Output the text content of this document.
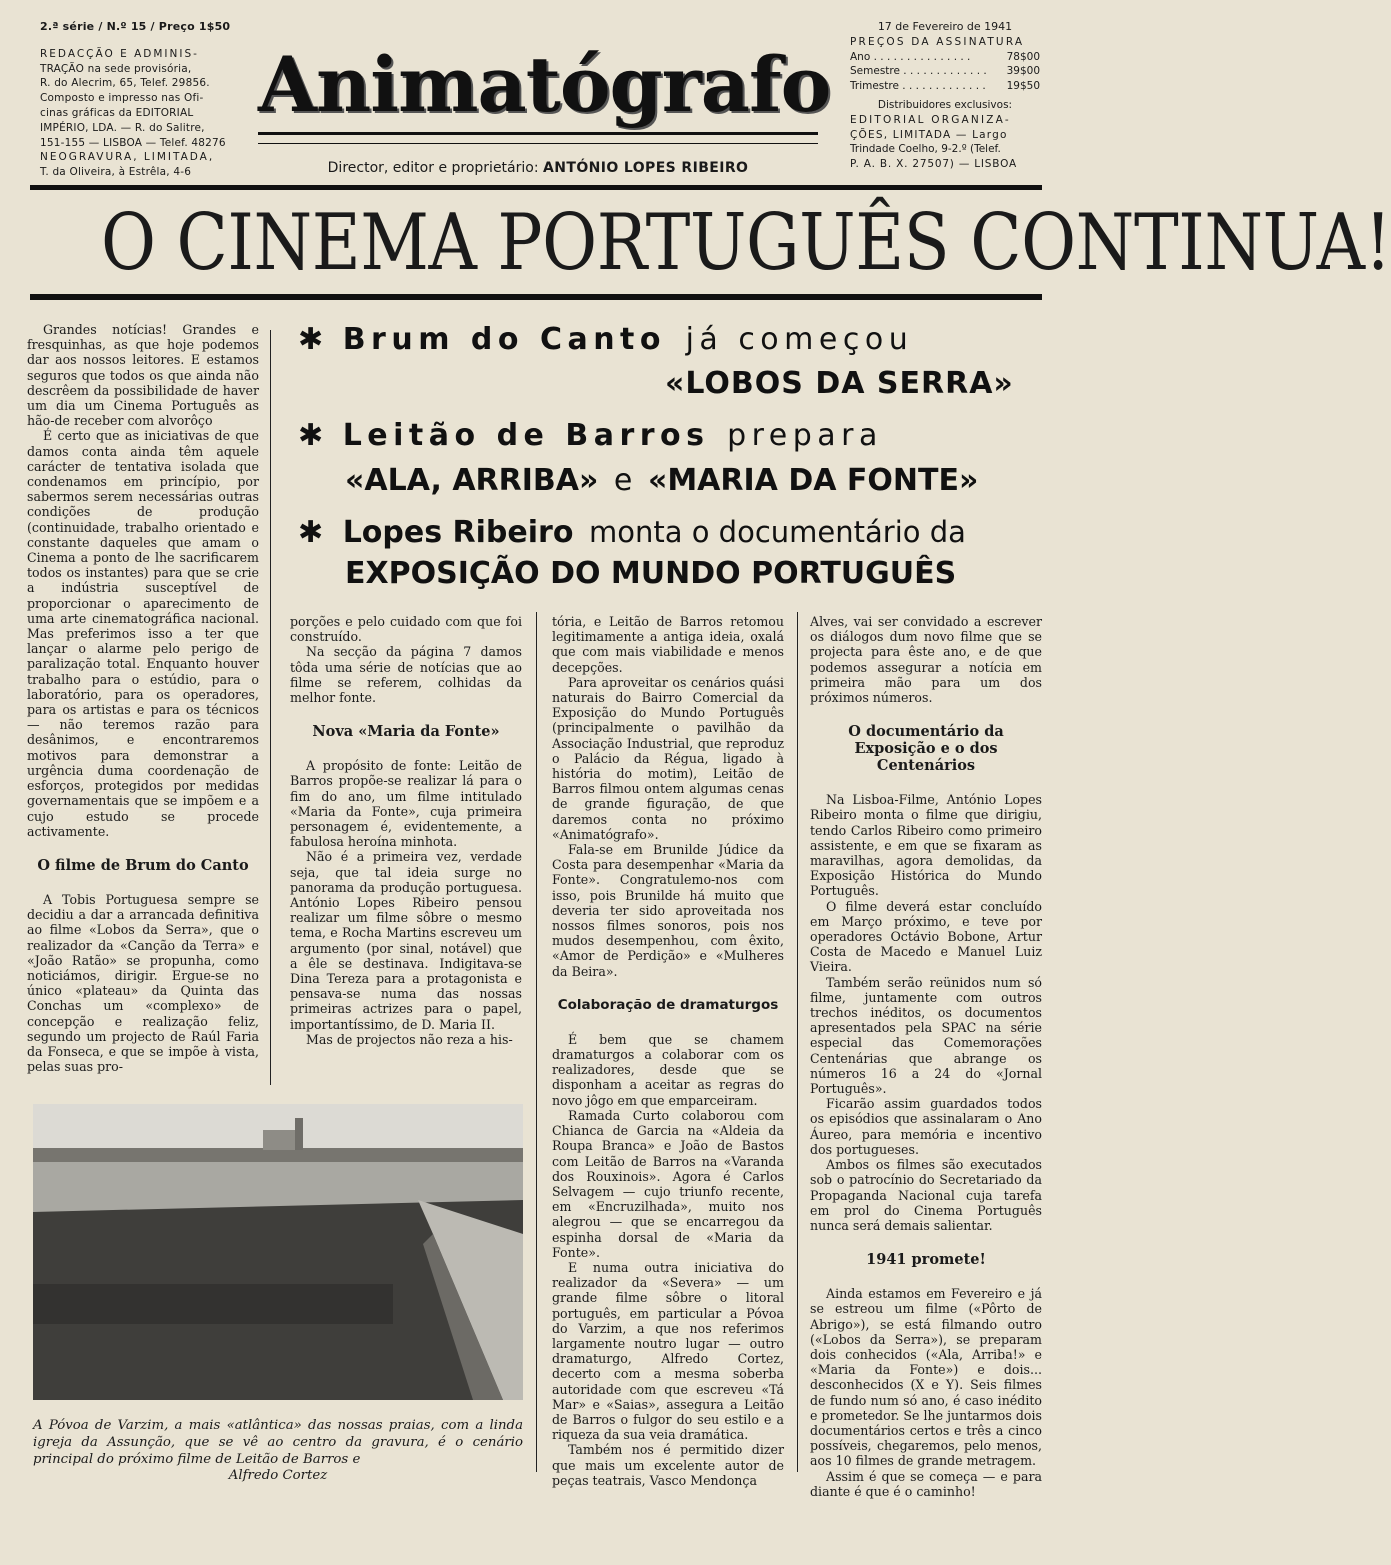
2.ª série / N.º 15 / Preço 1$50
REDACÇÃO E ADMINIS-
TRAÇÃO na sede provisória,
R. do Alecrim, 65, Telef. 29856.
Composto e impresso nas Ofi-
cinas gráficas da EDITORIAL
IMPÉRIO, LDA. — R. do Salitre,
151-155 — LISBOA — Telef. 48276
NEOGRAVURA, LIMITADA,
T. da Oliveira, à Estrêla, 4-6
Animatógrafo
Director, editor e proprietário: ANTÓNIO LOPES RIBEIRO
17 de Fevereiro de 1941
PREÇOS DA ASSINATURA
Ano . . . . . . . . . . . . . . .	78$00
Semestre . . . . . . . . . . . . .	39$00
Trimestre . . . . . . . . . . . . .	19$50
Distribuidores exclusivos:
EDITORIAL ORGANIZA-
ÇÕES, LIMITADA — Largo
Trindade Coelho, 9-2.º (Telef.
P. A. B. X. 27507) — LISBOA
O CINEMA PORTUGUÊS CONTINUA!
✱ Brum do Canto já começou
«LOBOS DA SERRA»
✱ Leitão de Barros prepara
«ALA, ARRIBA» e «MARIA DA FONTE»
✱ Lopes Ribeiro monta o documentário da
EXPOSIÇÃO DO MUNDO PORTUGUÊS

Grandes notícias! Grandes e fresquinhas, as que hoje podemos dar aos nossos leitores. E estamos seguros que todos os que ainda não descrêem da possibilidade de haver um dia um Cinema Português as hão-de receber com alvorôço

É certo que as iniciativas de que damos conta ainda têm aquele carácter de tentativa isolada que condenamos em princípio, por sabermos serem necessárias outras condições de produção (continuidade, trabalho orientado e constante daqueles que amam o Cinema a ponto de lhe sacrificarem todos os instantes) para que se crie a indústria susceptível de proporcionar o aparecimento de uma arte cinematográfica nacional. Mas preferimos isso a ter que lançar o alarme pelo perigo de paralização total. Enquanto houver trabalho para o estúdio, para o laboratório, para os operadores, para os artistas e para os técnicos — não teremos razão para desânimos, e encontraremos motivos para demonstrar a urgência duma coordenação de esforços, protegidos por medidas governamentais que se impõem e a cujo estudo se procede activamente.

O filme de Brum do Canto

A Tobis Portuguesa sempre se decidiu a dar a arrancada definitiva ao filme «Lobos da Serra», que o realizador da «Canção da Terra» e «João Ratão» se propunha, como noticiámos, dirigir. Ergue-se no único «plateau» da Quinta das Conchas um «complexo» de concepção e realização feliz, segundo um projecto de Raúl Faria da Fonseca, e que se impõe à vista, pelas suas pro-

porções e pelo cuidado com que foi construído.

Na secção da página 7 damos tôda uma série de notícias que ao filme se referem, colhidas da melhor fonte.

Nova «Maria da Fonte»

A propósito de fonte: Leitão de Barros propõe-se realizar lá para o fim do ano, um filme intitulado «Maria da Fonte», cuja primeira personagem é, evidentemente, a fabulosa heroína minhota.

Não é a primeira vez, verdade seja, que tal ideia surge no panorama da produção portuguesa. António Lopes Ribeiro pensou realizar um filme sôbre o mesmo tema, e Rocha Martins escreveu um argumento (por sinal, notável) que a êle se destinava. Indigitava-se Dina Tereza para a protagonista e pensava-se numa das nossas primeiras actrizes para o papel, importantíssimo, de D. Maria II.

Mas de projectos não reza a his-

tória, e Leitão de Barros retomou legitimamente a antiga ideia, oxalá que com mais viabilidade e menos decepções.

Para aproveitar os cenários quási naturais do Bairro Comercial da Exposição do Mundo Português (principalmente o pavilhão da Associação Industrial, que reproduz o Palácio da Régua, ligado à história do motim), Leitão de Barros filmou ontem algumas cenas de grande figuração, de que daremos conta no próximo «Animatógrafo».

Fala-se em Brunilde Júdice da Costa para desempenhar «Maria da Fonte». Congratulemo-nos com isso, pois Brunilde há muito que deveria ter sido aproveitada nos nossos filmes sonoros, pois nos mudos desempenhou, com êxito, «Amor de Perdição» e «Mulheres da Beira».

Colaboração de dramaturgos

É bem que se chamem dramaturgos a colaborar com os realizadores, desde que se disponham a aceitar as regras do novo jôgo em que emparceiram.

Ramada Curto colaborou com Chianca de Garcia na «Aldeia da Roupa Branca» e João de Bastos com Leitão de Barros na «Varanda dos Rouxinois». Agora é Carlos Selvagem — cujo triunfo recente, em «Encruzilhada», muito nos alegrou — que se encarregou da espinha dorsal de «Maria da Fonte».

E numa outra iniciativa do realizador da «Severa» — um grande filme sôbre o litoral português, em particular a Póvoa do Varzim, a que nos referimos largamente noutro lugar — outro dramaturgo, Alfredo Cortez, decerto com a mesma soberba autoridade com que escreveu «Tá Mar» e «Saias», assegura a Leitão de Barros o fulgor do seu estilo e a riqueza da sua veia dramática.

Também nos é permitido dizer que mais um excelente autor de peças teatrais, Vasco Mendonça

Alves, vai ser convidado a escrever os diálogos dum novo filme que se projecta para êste ano, e de que podemos assegurar a notícia em primeira mão para um dos próximos números.

O documentário da Exposição e o dos Centenários

Na Lisboa-Filme, António Lopes Ribeiro monta o filme que dirigiu, tendo Carlos Ribeiro como primeiro assistente, e em que se fixaram as maravilhas, agora demolidas, da Exposição Histórica do Mundo Português.

O filme deverá estar concluído em Março próximo, e teve por operadores Octávio Bobone, Artur Costa de Macedo e Manuel Luiz Vieira.

Também serão reünidos num só filme, juntamente com outros trechos inéditos, os documentos apresentados pela SPAC na série especial das Comemorações Centenárias que abrange os números 16 a 24 do «Jornal Português».

Ficarão assim guardados todos os episódios que assinalaram o Ano Áureo, para memória e incentivo dos portugueses.

Ambos os filmes são executados sob o patrocínio do Secretariado da Propaganda Nacional cuja tarefa em prol do Cinema Português nunca será demais salientar.

1941 promete!

Ainda estamos em Fevereiro e já se estreou um filme («Pôrto de Abrigo»), se está filmando outro («Lobos da Serra»), se preparam dois conhecidos («Ala, Arriba!» e «Maria da Fonte») e dois... desconhecidos (X e Y). Seis filmes de fundo num só ano, é caso inédito e prometedor. Se lhe juntarmos dois documentários certos e três a cinco possíveis, chegaremos, pelo menos, aos 10 filmes de grande metragem.

Assim é que se começa — e para diante é que é o caminho!

A Póvoa de Varzim, a mais «atlântica» das nossas praias, com a linda igreja da Assunção, que se vê ao centro da gravura, é o cenário principal do próximo filme de Leitão de Barros e
Alfredo Cortez
